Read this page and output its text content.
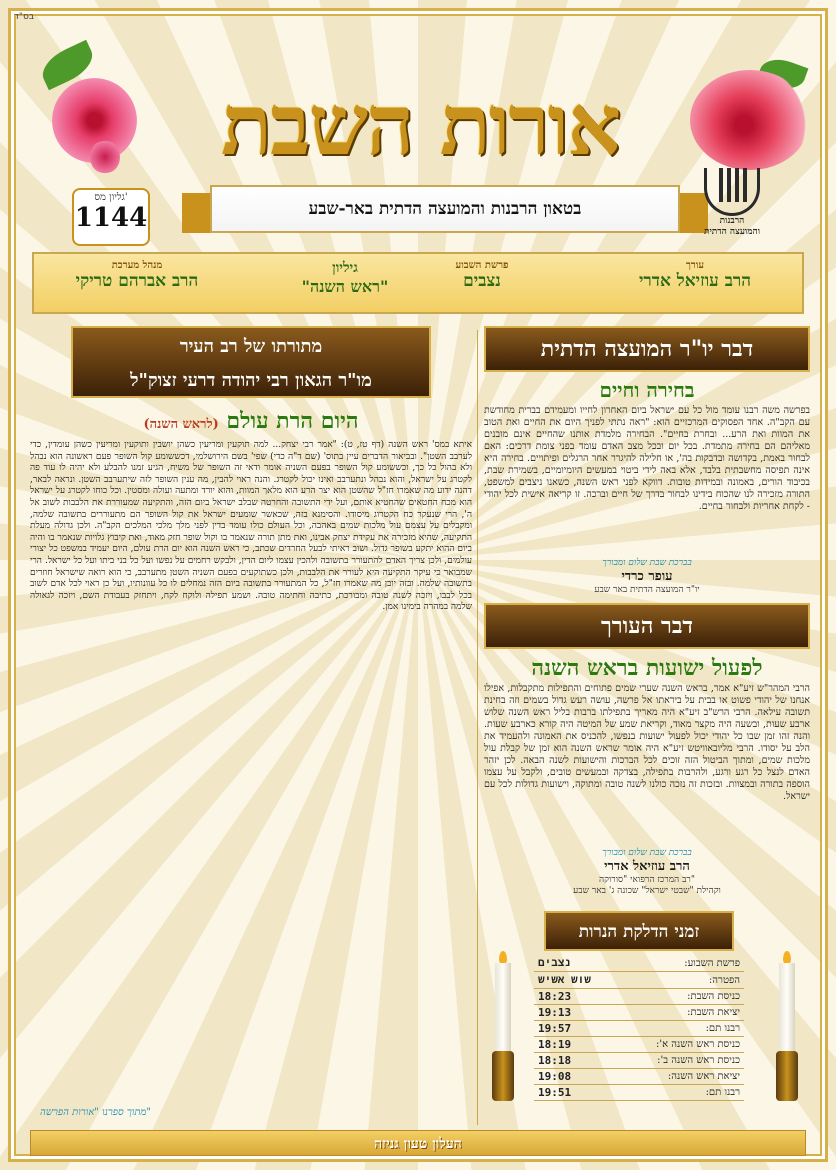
בס"ד
אורות השבת
גליון מס'
1144	בטאון הרבנות והמועצה הדתית באר-שבע
הרבנות
והמועצה הדתית
עורך
הרב עוזיאל אדרי
פרשת השבוע
נצבים
גיליון
"ראש השנה"
מנהל מערכת
הרב אברהם טריקי
מתורתו של רב העיר
מו"ר הגאון רבי יהודה דרעי זצוק"ל
(לראש השנה) היום הרת עולם
איתא במס' ראש השנה (דף טז, ט): "אמר רבי יצחק... למה תוקעין ומריעין כשהן יושבין ותוקעין ומריעין כשהן עומדין, כדי לערבב השטן". ובביאור הדברים עיין בתוס' (שם ד"ה כדי) שפי' בשם הירושלמי, דכששומע קול השופר פעם ראשונה הוא נבהל ולא בהול כל כך, וכששומע קול השופר בפעם השניה אומר ודאי זה השופר של משיח, הגיע זמנו להבלע ולא יהיה לו עוד פה לקטרג על ישראל, והוא נבהל ונתערבב ואינו יכול לקטרג. והנה ראוי להבין, מה ענין השופר לזה שיתערבב השטן. ונראה לבאר, דהנה ידוע מה שאמרו חז"ל שהשטן הוא יצר הרע הוא מלאך המוות, והוא יורד ומתעה ועולה ומסטין. וכל כוחו לקטרג על ישראל הוא מכח החטאים שהחטיא אותם, ועל ידי התשובה והחרטה שבלב ישראל ביום הזה, והתקיעה שמעוררת את הלבבות לשוב אל ה', הרי שנעקר כח הקטרוג מיסודו. והסימנא בזה, שכאשר שומעים ישראל את קול השופר הם מתעוררים בתשובה שלמה, ומקבלים על עצמם עול מלכות שמים באהבה, וכל העולם כולו עומד בדין לפני מלך מלכי המלכים הקב"ה. ולכן גדולה מעלת התקיעה, שהיא מזכירה את עקידת יצחק אבינו, ואת מתן תורה שנאמר בו וקול שופר חזק מאוד, ואת קיבוץ גלויות שנאמר בו והיה ביום ההוא יתקע בשופר גדול. ושוב ראיתי לבעל החרדים שכתב, כי ראש השנה הוא יום הרת עולם, היום יעמיד במשפט כל יצורי עולמים, ולכן צריך האדם להתעורר בתשובה ולהכין עצמו ליום הדין, ולבקש רחמים על נפשו ועל כל בני ביתו ועל כל ישראל. הרי שמבואר כי עיקר התקיעה היא לעורר את הלבבות, ולכן כשתוקעים בפעם השניה השטן מתערבב, כי הוא רואה שישראל חוזרים בתשובה שלמה. ובזה יובן מה שאמרו חז"ל, כל המתעורר בתשובה ביום הזה נמחלים לו כל עוונותיו, ועל כן ראוי לכל אדם לשוב בכל לבבו, ויזכה לשנה טובה ומבורכת, כתיבה וחתימה טובה. ושמע תפילה ולוקח לקח, ויתחזק בעבודת השם, ויזכה לגאולה שלמה במהרה בימינו אמן.
מתוך ספרנו "אורות הפרשה"
דבר יו"ר המועצה הדתית
בחירה וחיים
בפרשה משה רבנו עומד מול כל עם ישראל ביום האחרון לחייו ומעמידם בברית מחודשת עם הקב"ה. אחד הפסוקים המרכזיים הוא: "ראה נתתי לפניך היום את החיים ואת הטוב את המוות ואת הרע... ובחרת בחיים". הבחירה מלמדת אותנו שהחיים אינם מובנים מאליהם הם בחירה מתמדת. בכל יום ובכל מצב האדם עומד בפני צומת דרכים: האם לבחור באמת, בקדושה ובדבקות בה', או חלילה להיגרר אחר הרגלים ופיתויים. בחירה היא אינה תפיסה מחשבתית בלבד, אלא באה לידי ביטוי במעשים היומיומיים, בשמירת שבת, בכיבוד הורים, באמונה ובמידות טובות. דווקא לפני ראש השנה, כשאנו ניצבים למשפט, התורה מזכירה לנו שהכוח בידינו לבחור בדרך של חיים וברכה. זו קריאה אישית לכל יהודי - לקחת אחריות ולבחור בחיים.
בברכת שבת שלום ומבורך
עופר כרדי
יו"ר המועצה הדתית באר שבע
דבר העורך
לפעול ישועות בראש השנה
הרבי המהר"ש זיע"א אמר, בראש השנה שערי שמים פתוחים והתפילות מתקבלות, אפילו אנחנו של יהודי פשוט או בבית על ביראתו אל פרשה, עושה רעש גדול בשמים וזה בחינת תשובה עילאה. הרבי הרש"ב זיע"א היה מאריך בתפילתו ברבות בליל ראש השנה שלוש ארבע שעות, ובשעה היה מקצר מאוד, וקריאת שמע של המיטה היה קורא כארבע שעות. והנה זהו זמן שבו כל יהודי יכול לפעול ישועות בנפשו, להכניס את האמונה ולהעמיד את הלב על יסודו. הרבי מליובאוויטש זיע"א היה אומר שראש השנה הוא זמן של קבלת עול מלכות שמים, ומתוך הביטול הזה זוכים לכל הברכות והישועות לשנה הבאה. לכן יזהר האדם לנצל כל רגע ורגע, ולהרבות בתפילה, בצדקה ובמעשים טובים, ולקבל על עצמו הוספה בתורה ובמצוות. ובזכות זה נזכה כולנו לשנה טובה ומתוקה, וישועות גדולות לכל עם ישראל.
בברכת שבת שלום ומבורך
הרב עוזיאל אדרי
רב המרכז הרפואי "סורוקה"
וקהילת "שבטי ישראל" שכונה ג' באר שבע
זמני הדלקת הנרות
פרשת השבוע:	נצבים
הפטרה:	שוש אשיש
כניסת השבת:	18:23
יציאת השבת:	19:13
רבנו תם:	19:57
כניסת ראש השנה א':	18:19
כניסת ראש השנה ב':	18:18
יציאת ראש השנה:	19:08
רבנו תם:	19:51
העלון טעון גניזה
